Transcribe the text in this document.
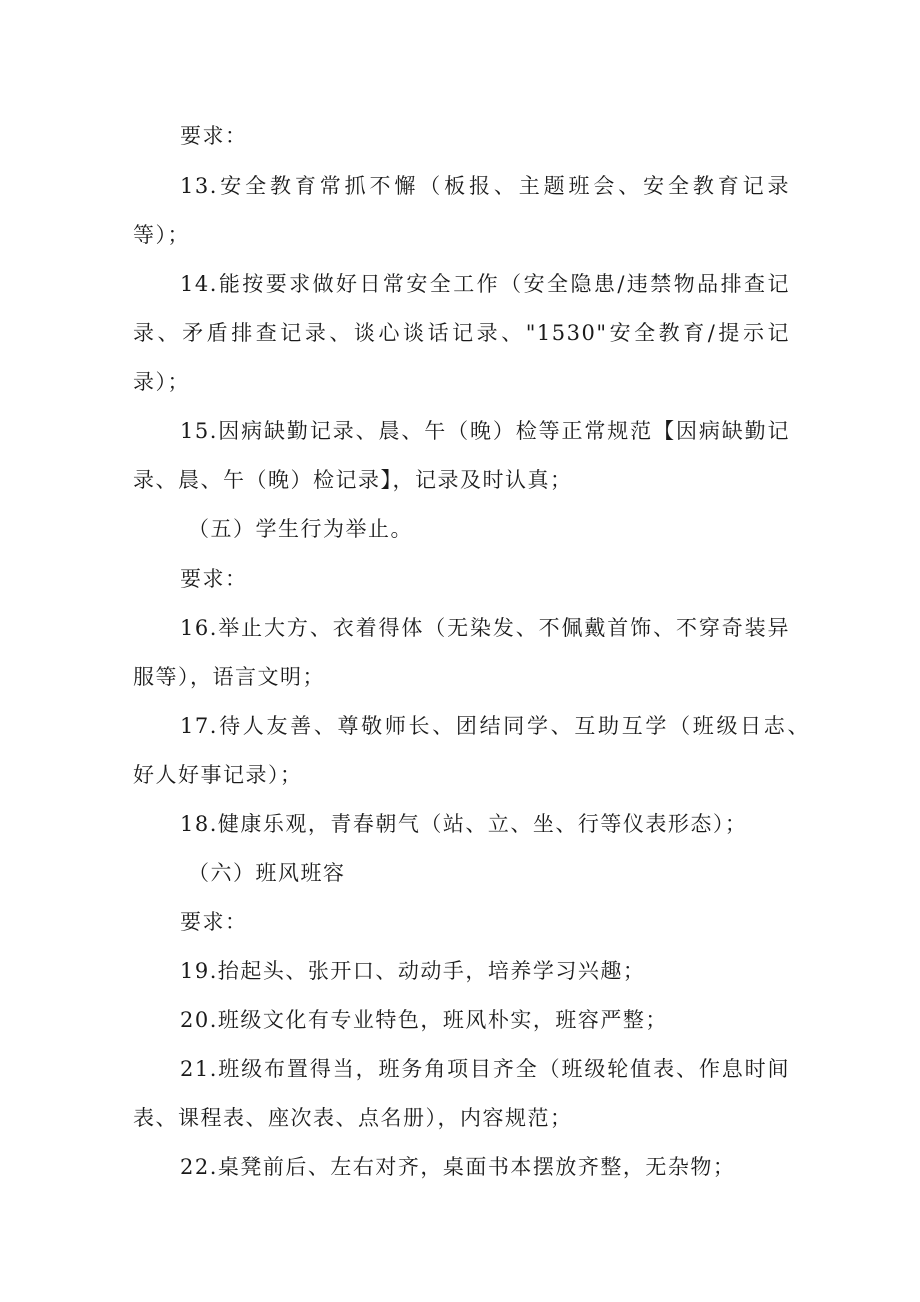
要求：
13.安全教育常抓不懈（板报、主题班会、安全教育记录
等）；
14.能按要求做好日常安全工作（安全隐患/违禁物品排查记
录、矛盾排查记录、谈心谈话记录、"1530"安全教育/提示记
录）；
15.因病缺勤记录、晨、午（晚）检等正常规范【因病缺勤记
录、晨、午（晚）检记录】，记录及时认真；
（五）学生行为举止。
要求：
16.举止大方、衣着得体（无染发、不佩戴首饰、不穿奇装异
服等），语言文明；
17.待人友善、尊敬师长、团结同学、互助互学（班级日志、
好人好事记录）；
18.健康乐观，青春朝气（站、立、坐、行等仪表形态）；
（六）班风班容
要求：
19.抬起头、张开口、动动手，培养学习兴趣；
20.班级文化有专业特色，班风朴实，班容严整；
21.班级布置得当，班务角项目齐全（班级轮值表、作息时间
表、课程表、座次表、点名册），内容规范；
22.桌凳前后、左右对齐，桌面书本摆放齐整，无杂物；
